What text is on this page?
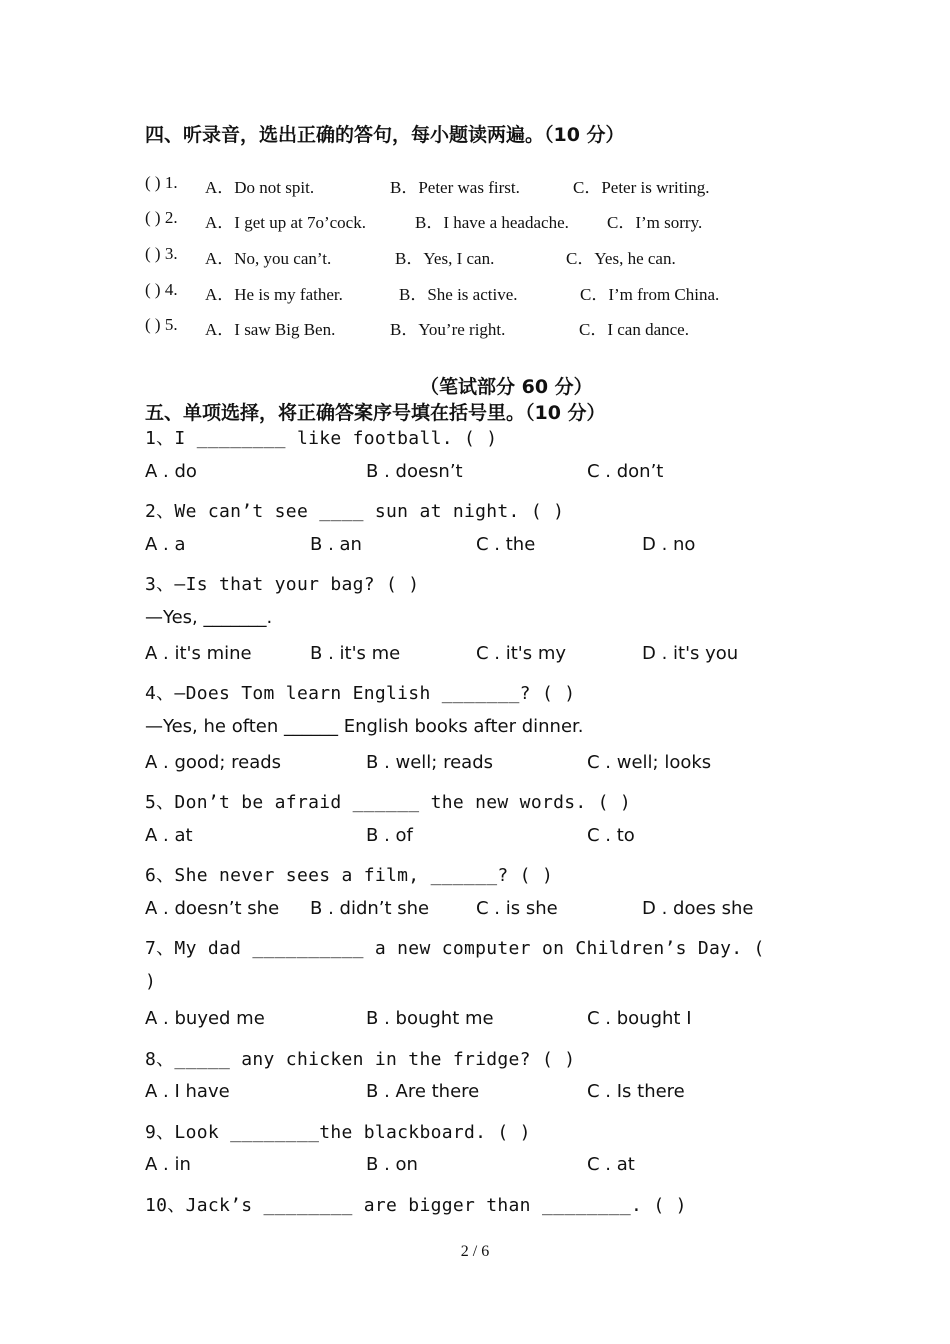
四、听录音，选出正确的答句，每小题读两遍。（10 分）
( ) 1. A．Do not spit.	B．Peter was first.	C．Peter is writing.
( ) 2. A．I get up at 7o’cock.	B．I have a headache. C．I’m sorry.
( ) 3. A．No, you can’t.	B．Yes, I can.	C．Yes, he can.
( ) 4. A．He is my father.	B．She is active.	C．I’m from China.
( ) 5. A．I saw Big Ben.	B．You’re right.	C．I can dance.
（笔试部分 60 分）
五、单项选择，将正确答案序号填在括号里。（10 分）
1、I ________ like football. ( )
A . do	B . doesn’t	C . don’t
2、We can’t see ____ sun at night. ( )
A . a	B . an	C . the	D . no
3、—Is that your bag? ( )
—Yes, _______.
A . it's mine	B . it's me	C . it's my	D . it's you
4、—Does Tom learn English _______? ( )
—Yes, he often ______ English books after dinner.
A . good; reads	B . well; reads	C . well; looks
5、Don’t be afraid ______ the new words. ( )
A . at	B . of	C . to
6、She never sees a film, ______? ( )
A . doesn’t she B . didn’t she	C . is she	D . does she
7、My dad __________ a new computer on Children’s Day. (
)
A . buyed me	B . bought me	C . bought I
8、_____ any chicken in the fridge? ( )
A . I have	B . Are there	C . Is there
9、Look ________the blackboard. ( )
A . in	B . on	C . at
10、Jack’s ________ are bigger than ________. ( )
2 / 6
